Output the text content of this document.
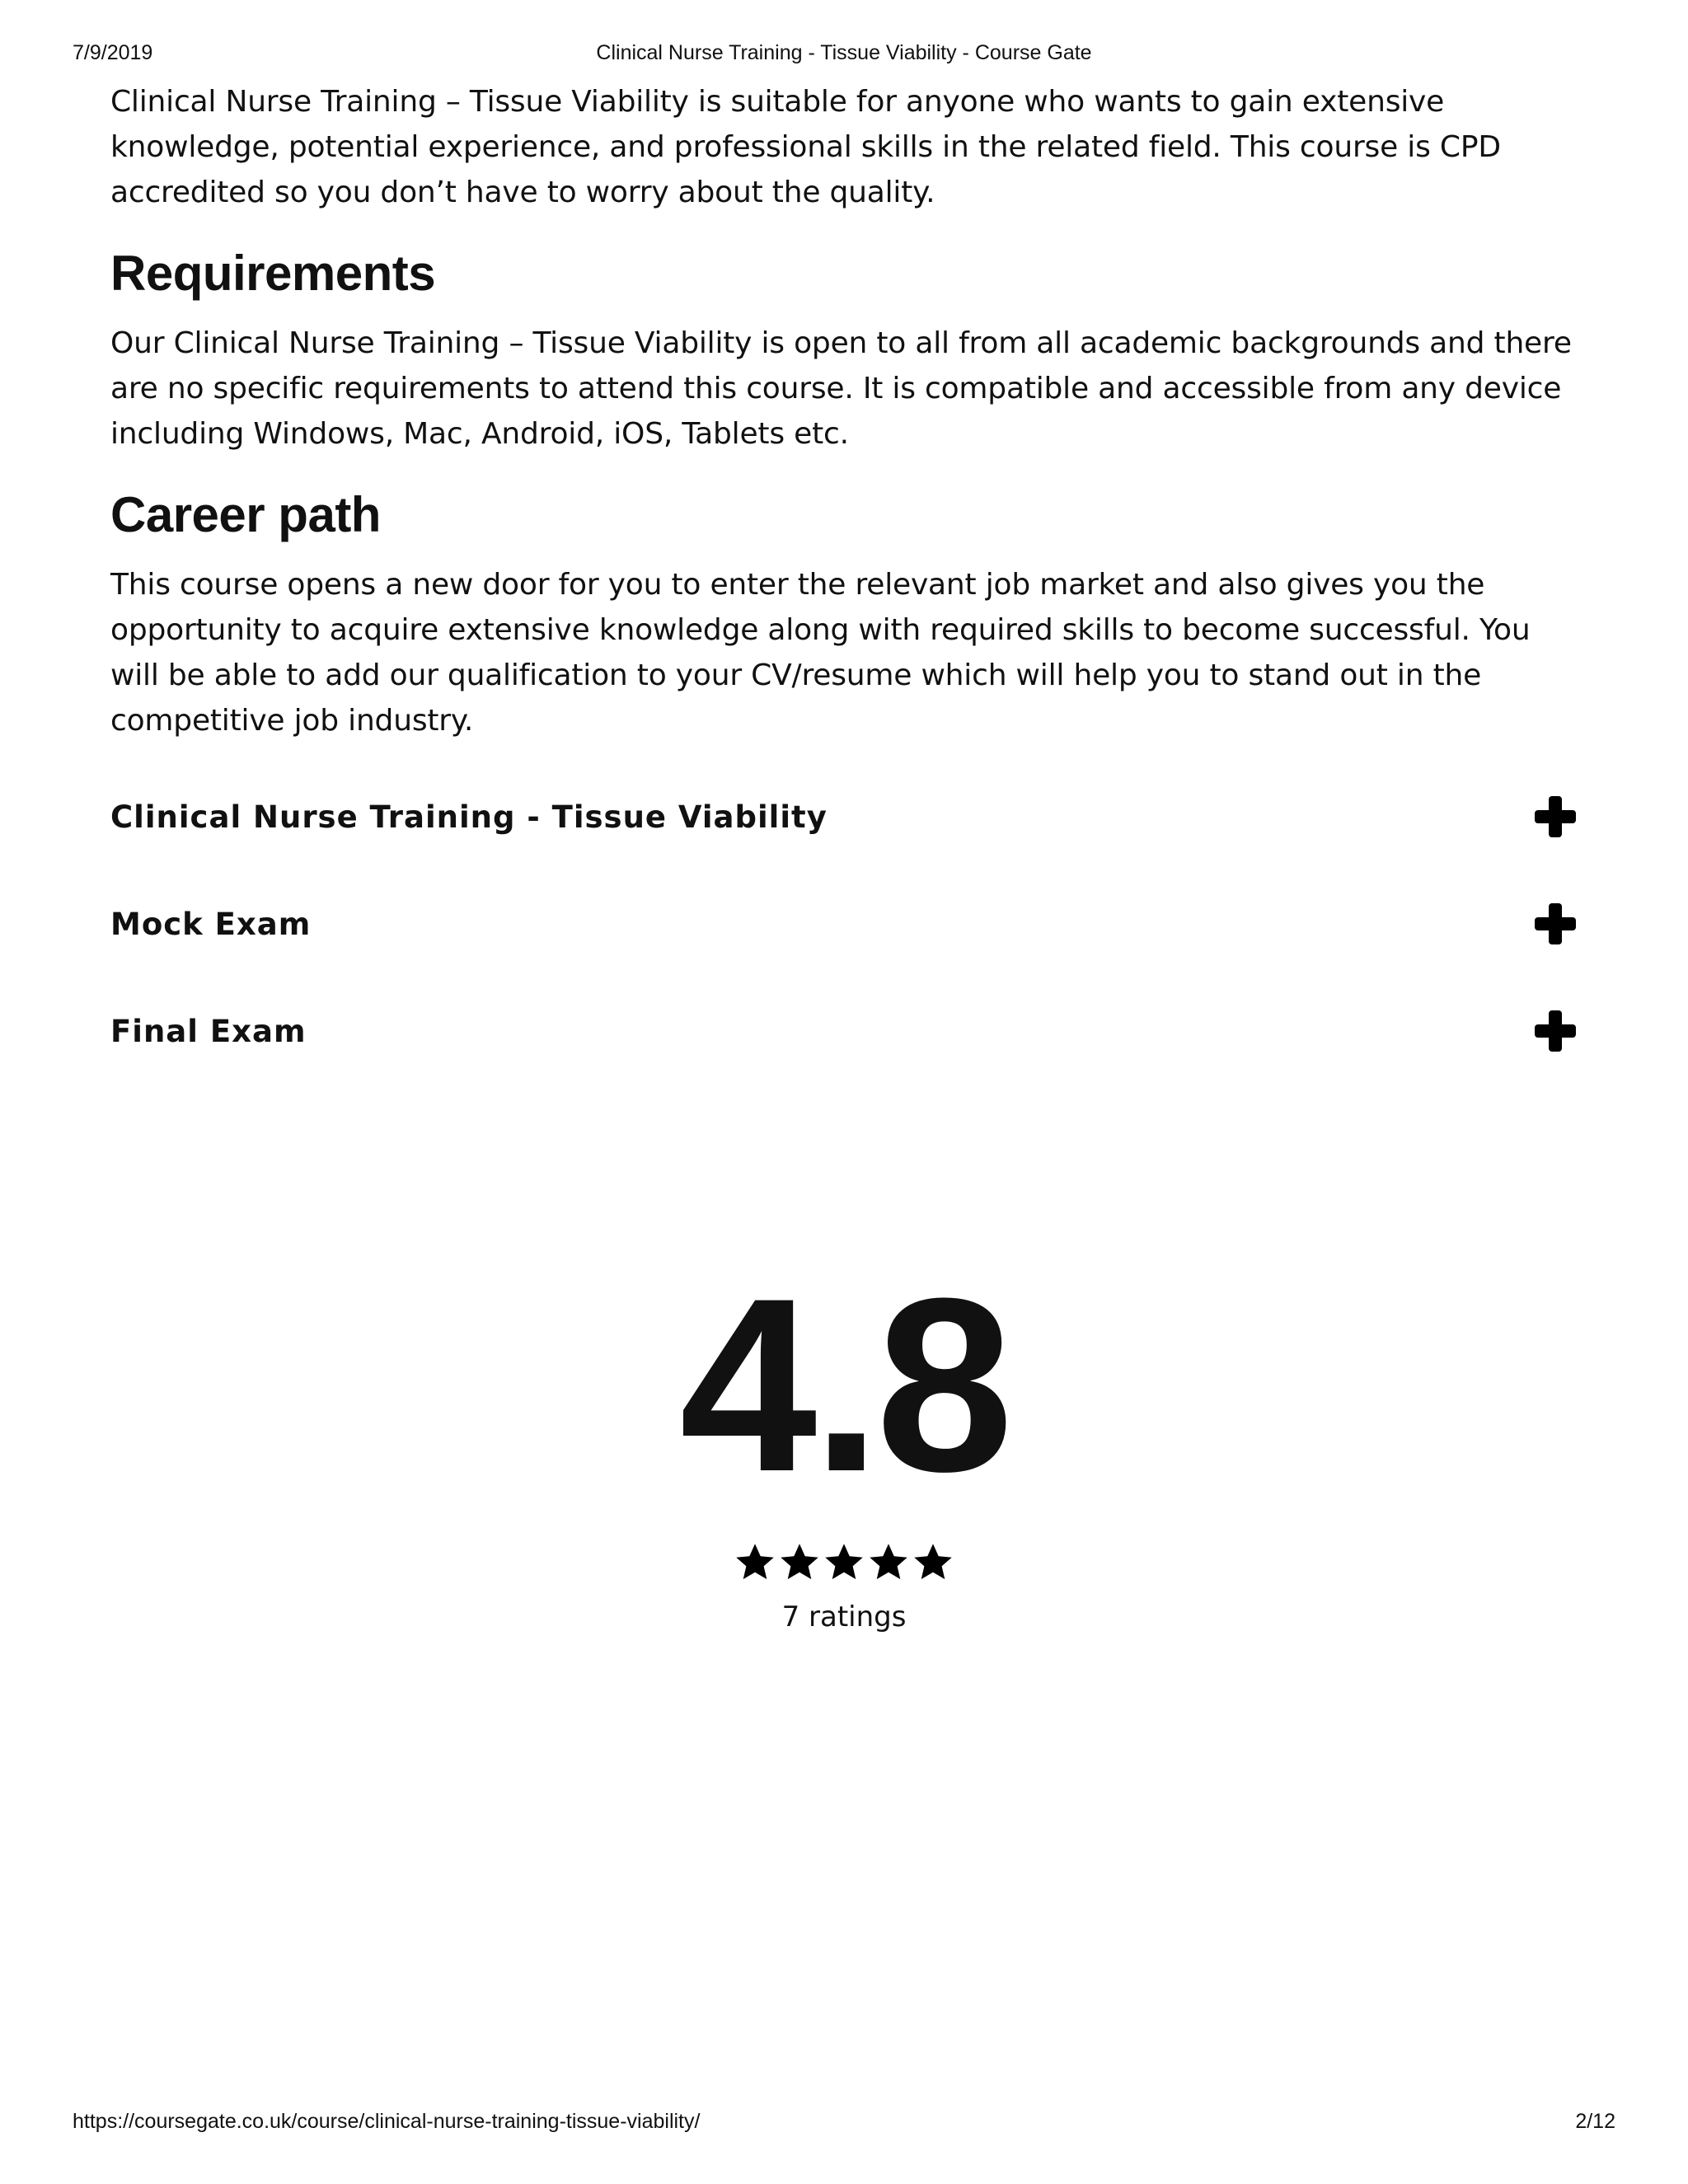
7/9/2019	Clinical Nurse Training - Tissue Viability - Course Gate

Clinical Nurse Training – Tissue Viability is suitable for anyone who wants to gain extensive knowledge, potential experience, and professional skills in the related field. This course is CPD accredited so you don’t have to worry about the quality.

Requirements

Our Clinical Nurse Training – Tissue Viability is open to all from all academic backgrounds and there are no specific requirements to attend this course. It is compatible and accessible from any device including Windows, Mac, Android, iOS, Tablets etc.

Career path

This course opens a new door for you to enter the relevant job market and also gives you the opportunity to acquire extensive knowledge along with required skills to become successful. You will be able to add our qualification to your CV/resume which will help you to stand out in the competitive job industry.

Clinical Nurse Training - Tissue Viability
Mock Exam
Final Exam
4.8
7 ratings
https://coursegate.co.uk/course/clinical-nurse-training-tissue-viability/	2/12
